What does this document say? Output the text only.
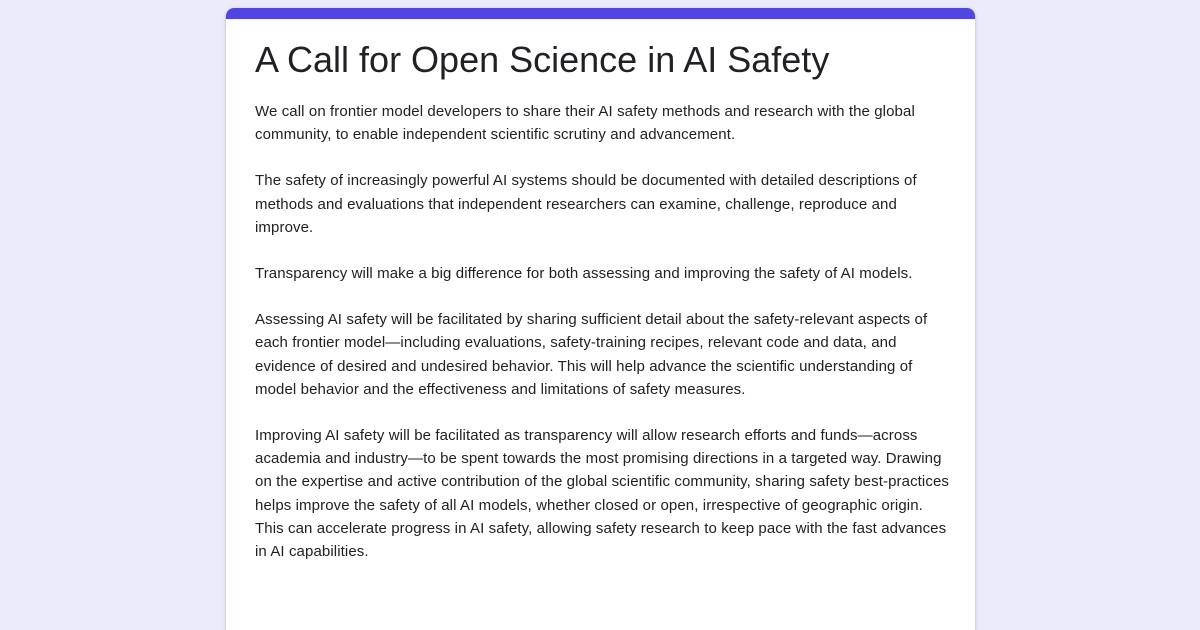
A Call for Open Science in AI Safety

We call on frontier model developers to share their AI safety methods and research with the global community, to enable independent scientific scrutiny and advancement.

The safety of increasingly powerful AI systems should be documented with detailed descriptions of methods and evaluations that independent researchers can examine, challenge, reproduce and improve.

Transparency will make a big difference for both assessing and improving the safety of AI models.

Assessing AI safety will be facilitated by sharing sufficient detail about the safety-relevant aspects of each frontier model—including evaluations, safety-training recipes, relevant code and data, and evidence of desired and undesired behavior. This will help advance the scientific understanding of model behavior and the effectiveness and limitations of safety measures.

Improving AI safety will be facilitated as transparency will allow research efforts and funds—across academia and industry—to be spent towards the most promising directions in a targeted way. Drawing on the expertise and active contribution of the global scientific community, sharing safety best-practices helps improve the safety of all AI models, whether closed or open, irrespective of geographic origin. This can accelerate progress in AI safety, allowing safety research to keep pace with the fast advances in AI capabilities.
